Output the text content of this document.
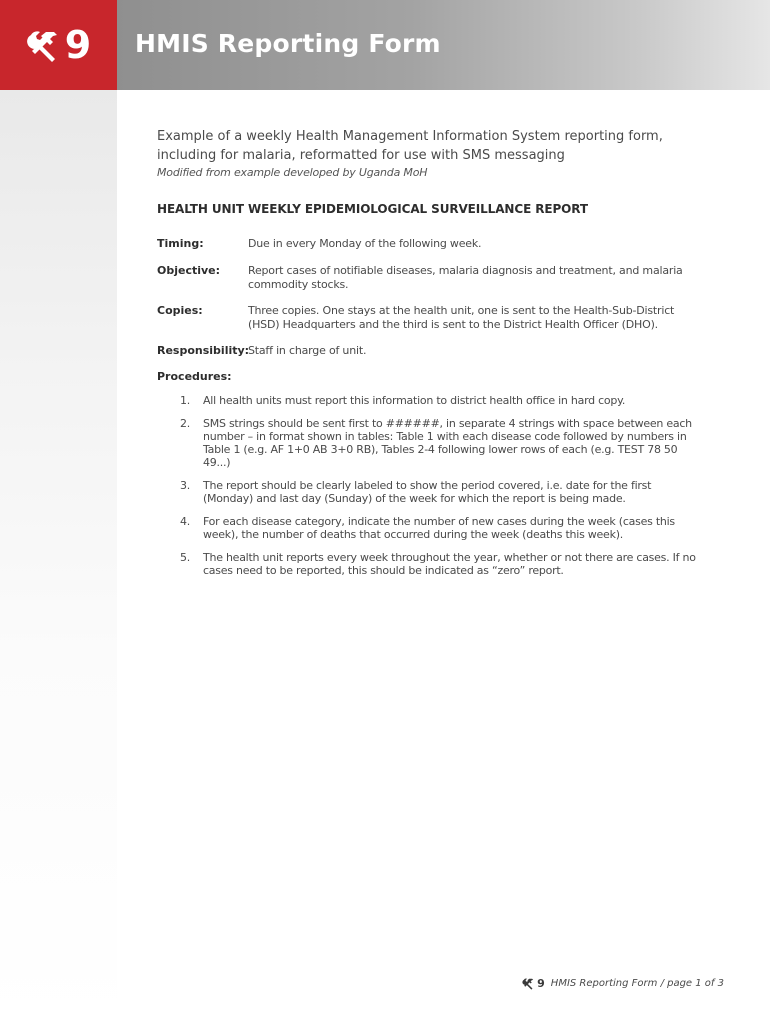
9 HMIS Reporting Form
Example of a weekly Health Management Information System reporting form,
including for malaria, reformatted for use with SMS messaging
Modified from example developed by Uganda MoH
HEALTH UNIT WEEKLY EPIDEMIOLOGICAL SURVEILLANCE REPORT
Timing:	Due in every Monday of the following week.
Objective:	Report cases of notifiable diseases, malaria diagnosis and treatment, and malaria commodity stocks.
Copies:	Three copies. One stays at the health unit, one is sent to the Health-Sub-District (HSD) Headquarters and the third is sent to the District Health Officer (DHO).
Responsibility:
Staff in charge of unit.
Procedures:
1. All health units must report this information to district health office in hard copy.
2. SMS strings should be sent first to ######, in separate 4 strings with space between each number – in format shown in tables: Table 1 with each disease code followed by numbers in Table 1 (e.g. AF 1+0 AB 3+0 RB), Tables 2-4 following lower rows of each (e.g. TEST 78 50 49...)
3. The report should be clearly labeled to show the period covered, i.e. date for the first (Monday) and last day (Sunday) of the week for which the report is being made.
4. For each disease category, indicate the number of new cases during the week (cases this week), the number of deaths that occurred during the week (deaths this week).
5. The health unit reports every week throughout the year, whether or not there are cases. If no cases need to be reported, this should be indicated as “zero” report.
9 HMIS Reporting Form / page 1 of 3
